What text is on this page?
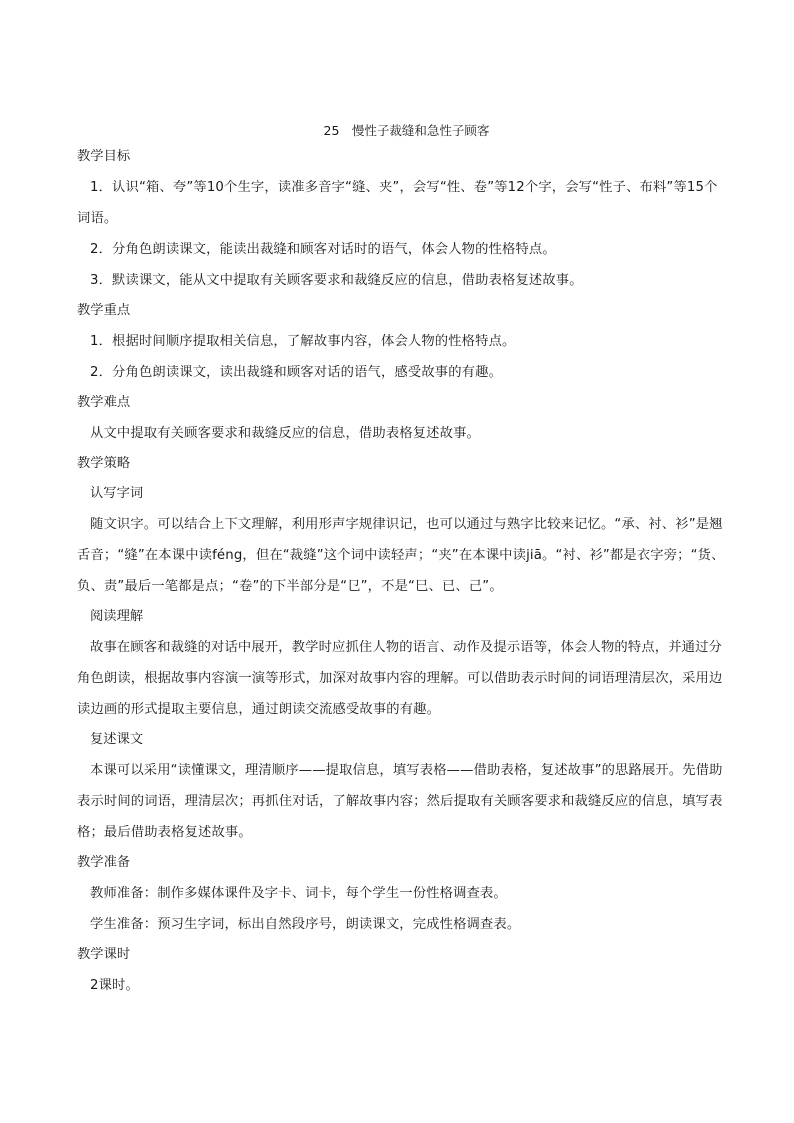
25　慢性子裁缝和急性子顾客
教学目标

1．认识“箱、夸”等10个生字，读准多音字“缝、夹”，会写“性、卷”等12个字，会写“性子、布料”等15个词语。

2．分角色朗读课文，能读出裁缝和顾客对话时的语气，体会人物的性格特点。

3．默读课文，能从文中提取有关顾客要求和裁缝反应的信息，借助表格复述故事。

教学重点

1．根据时间顺序提取相关信息，了解故事内容，体会人物的性格特点。

2．分角色朗读课文，读出裁缝和顾客对话的语气，感受故事的有趣。

教学难点

从文中提取有关顾客要求和裁缝反应的信息，借助表格复述故事。

教学策略
认写字词

随文识字。可以结合上下文理解，利用形声字规律识记，也可以通过与熟字比较来记忆。“承、衬、衫”是翘舌音；“缝”在本课中读féng，但在“裁缝”这个词中读轻声；“夹”在本课中读jiā。“衬、衫”都是衣字旁；“货、负、责”最后一笔都是点；“卷”的下半部分是“㔾”，不是“巳、已、己”。

阅读理解

故事在顾客和裁缝的对话中展开，教学时应抓住人物的语言、动作及提示语等，体会人物的特点，并通过分角色朗读，根据故事内容演一演等形式，加深对故事内容的理解。可以借助表示时间的词语理清层次，采用边读边画的形式提取主要信息，通过朗读交流感受故事的有趣。

复述课文

本课可以采用“读懂课文，理清顺序——提取信息，填写表格——借助表格，复述故事”的思路展开。先借助表示时间的词语，理清层次；再抓住对话，了解故事内容；然后提取有关顾客要求和裁缝反应的信息，填写表格；最后借助表格复述故事。

教学准备

教师准备：制作多媒体课件及字卡、词卡，每个学生一份性格调查表。

学生准备：预习生字词，标出自然段序号，朗读课文，完成性格调查表。

教学课时

2课时。
